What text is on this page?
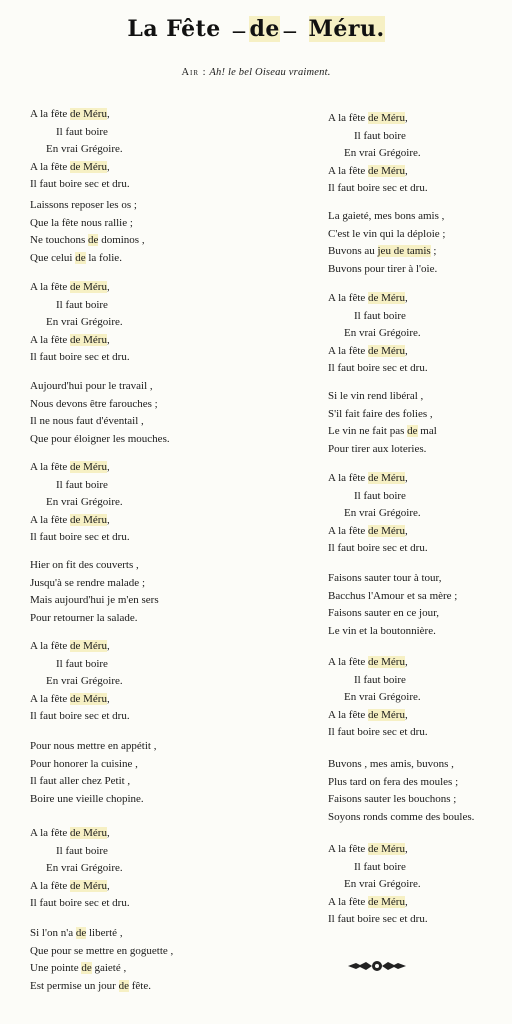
La Fête — de — Méru.
Air : Ah! le bel Oiseau vraiment.
A la fête de Méru,
Il faut boire
En vrai Grégoire.
A la fête de Méru,
Il faut boire sec et dru.
Laissons reposer les os ;
Que la fête nous rallie ;
Ne touchons de dominos ,
Que celui de la folie.
A la fête de Méru,
Il faut boire
En vrai Grégoire.
A la fête de Méru,
Il faut boire sec et dru.
Aujourd'hui pour le travail ,
Nous devons être farouches ;
Il ne nous faut d'éventail ,
Que pour éloigner les mouches.
A la fête de Méru,
Il faut boire
En vrai Grégoire.
A la fête de Méru,
Il faut boire sec et dru.
Hier on fit des couverts ,
Jusqu'à se rendre malade ;
Mais aujourd'hui je m'en sers
Pour retourner la salade.
A la fête de Méru,
Il faut boire
En vrai Grégoire.
A la fête de Méru,
Il faut boire sec et dru.
Pour nous mettre en appétit ,
Pour honorer la cuisine ,
Il faut aller chez Petit ,
Boire une vieille chopine.
A la fête de Méru,
Il faut boire
En vrai Grégoire.
A la fête de Méru,
Il faut boire sec et dru.
Si l'on n'a de liberté ,
Que pour se mettre en goguette ,
Une pointe de gaieté ,
Est permise un jour de fête.
A la fête de Méru,
Il faut boire
En vrai Grégoire.
A la fête de Méru,
Il faut boire sec et dru.
La gaieté, mes bons amis ,
C'est le vin qui la déploie ;
Buvons au jeu de tamis ;
Buvons pour tirer à l'oie.
A la fête de Méru,
Il faut boire
En vrai Grégoire.
A la fête de Méru,
Il faut boire sec et dru.
Si le vin rend libéral ,
S'il fait faire des folies ,
Le vin ne fait pas de mal
Pour tirer aux loteries.
A la fête de Méru,
Il faut boire
En vrai Grégoire.
A la fête de Méru,
Il faut boire sec et dru.
Faisons sauter tour à tour,
Bacchus l'Amour et sa mère ;
Faisons sauter en ce jour,
Le vin et la boutonnière.
A la fête de Méru,
Il faut boire
En vrai Grégoire.
A la fête de Méru,
Il faut boire sec et dru.
Buvons , mes amis, buvons ,
Plus tard on fera des moules ;
Faisons sauter les bouchons ;
Soyons ronds comme des boules.
A la fête de Méru,
Il faut boire
En vrai Grégoire.
A la fête de Méru,
Il faut boire sec et dru.
